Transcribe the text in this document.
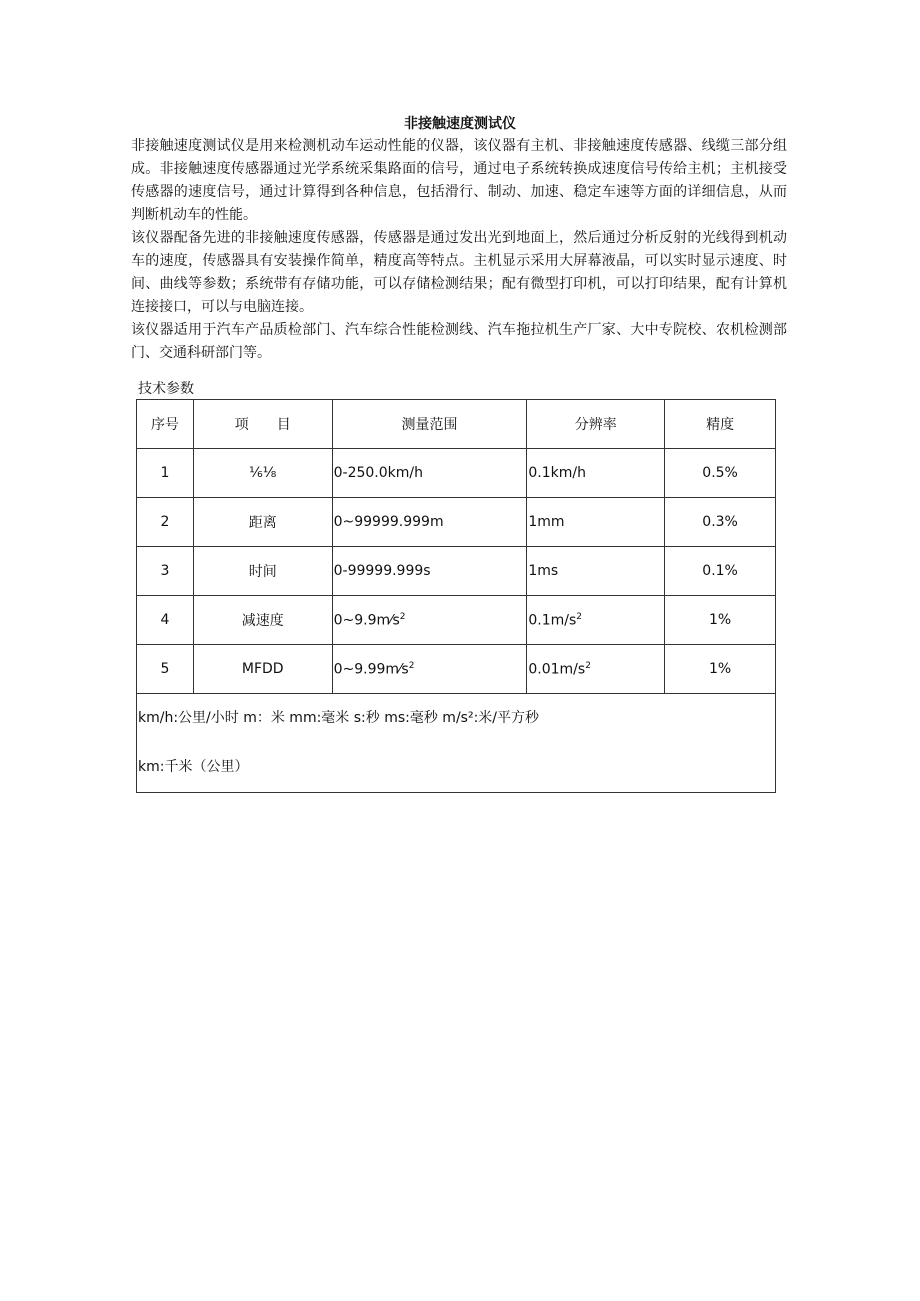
非接触速度测试仪

非接触速度测试仪是用来检测机动车运动性能的仪器，该仪器有主机、非接触速度传感器、线缆三部分组成。非接触速度传感器通过光学系统采集路面的信号，通过电子系统转换成速度信号传给主机；主机接受传感器的速度信号，通过计算得到各种信息，包括滑行、制动、加速、稳定车速等方面的详细信息，从而判断机动车的性能。

该仪器配备先进的非接触速度传感器，传感器是通过发出光到地面上，然后通过分析反射的光线得到机动车的速度，传感器具有安装操作简单，精度高等特点。主机显示采用大屏幕液晶，可以实时显示速度、时间、曲线等参数；系统带有存储功能，可以存储检测结果；配有微型打印机，可以打印结果，配有计算机连接接口，可以与电脑连接。

该仪器适用于汽车产品质检部门、汽车综合性能检测线、汽车拖拉机生产厂家、大中专院校、农机检测部门、交通科研部门等。

技术参数
序号	项　　目	测量范围	分辨率	精度
1	⅙⅛	0-250.0km/h	0.1km/h	0.5%
2	距离	0~99999.999m	1mm	0.3%
3	时间	0-99999.999s	1ms	0.1%
4	减速度	$0\sim 9.9m⁄s^2$	$0.1m/s^2$	1%
5	MFDD	$0\sim 9.99m⁄s^2$	$0.01m/s^2$	1%

km/h:公里/小时 m：米 mm:毫米 s:秒 ms:毫秒 m/s²:米/平方秒
km:千米（公里）				
